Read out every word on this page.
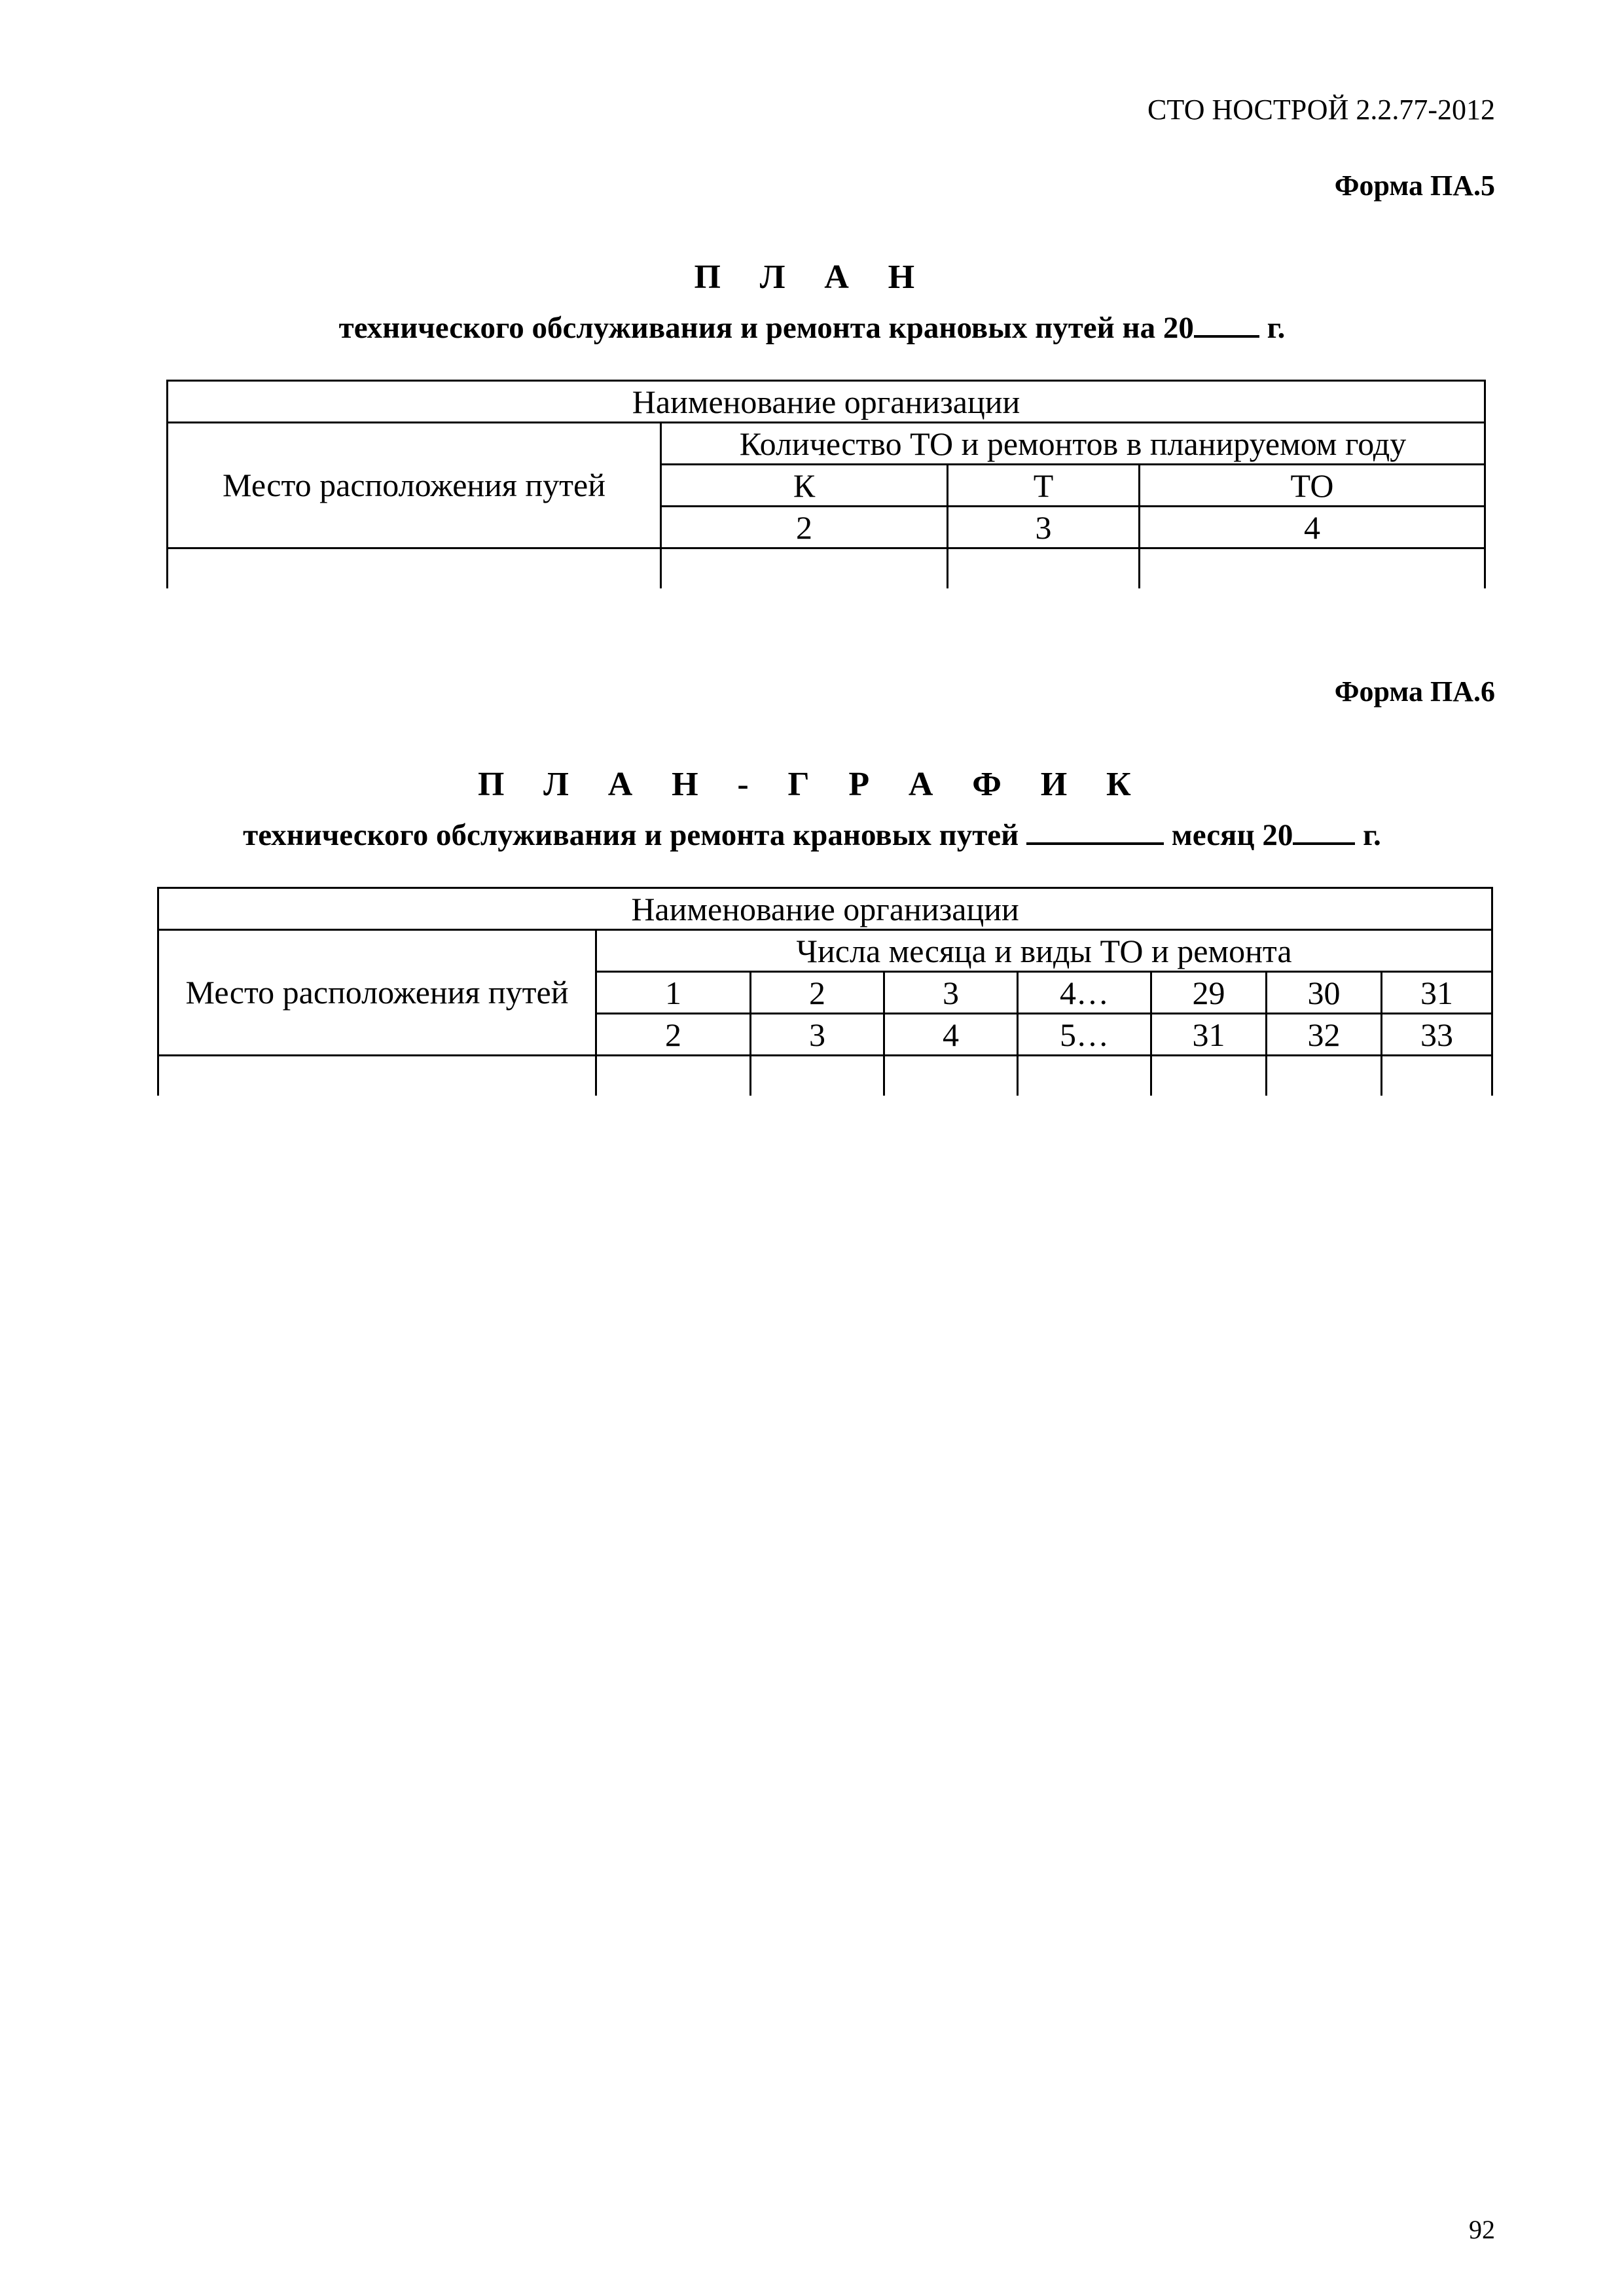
СТО НОСТРОЙ 2.2.77-2012
Форма ПА.5
П Л А Н
технического обслуживания и ремонта крановых путей на 20 г.
Наименование организации			
Место расположения путей	Количество ТО и ремонтов в планируемом году		
	К	Т	ТО
	2	3	4

Форма ПА.6
П Л А Н - Г Р А Ф И К
технического обслуживания и ремонта крановых путей	месяц 20 г.
Наименование организации							
Место расположения путей	Числа месяца и виды ТО и ремонта						
	1	2	3	4…	29	30	31
	2	3	4	5…	31	32	33

92
